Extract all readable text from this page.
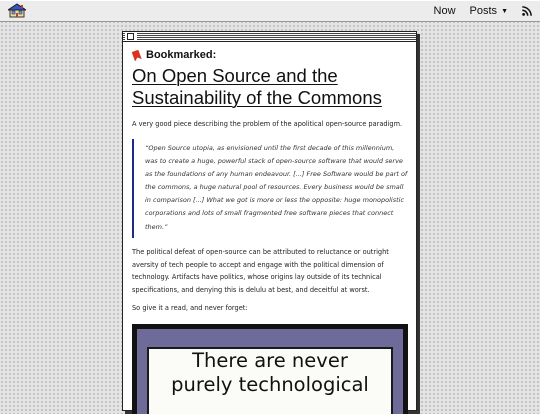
Now Posts ▼
Bookmarked:
On Open Source and the Sustainability of the Commons

A very good piece describing the problem of the apolitical open-source paradigm.

“Open Source utopia, as envisioned until the first decade of this millennium, was to create a huge, powerful stack of open-source software that would serve as the foundations of any human endeavour. [...] Free Software would be part of the commons, a huge natural pool of resources. Every business would be small in comparison [...] What we got is more or less the opposite: huge monopolistic corporations and lots of small fragmented free software pieces that connect them.”

The political defeat of open-source can be attributed to reluctance or outright aversity of tech people to accept and engage with the political dimension of technology. Artifacts have politics, whose origins lay outside of its technical specifications, and denying this is delulu at best, and deceitful at worst.

So give it a read, and never forget:

There are never
purely technological
